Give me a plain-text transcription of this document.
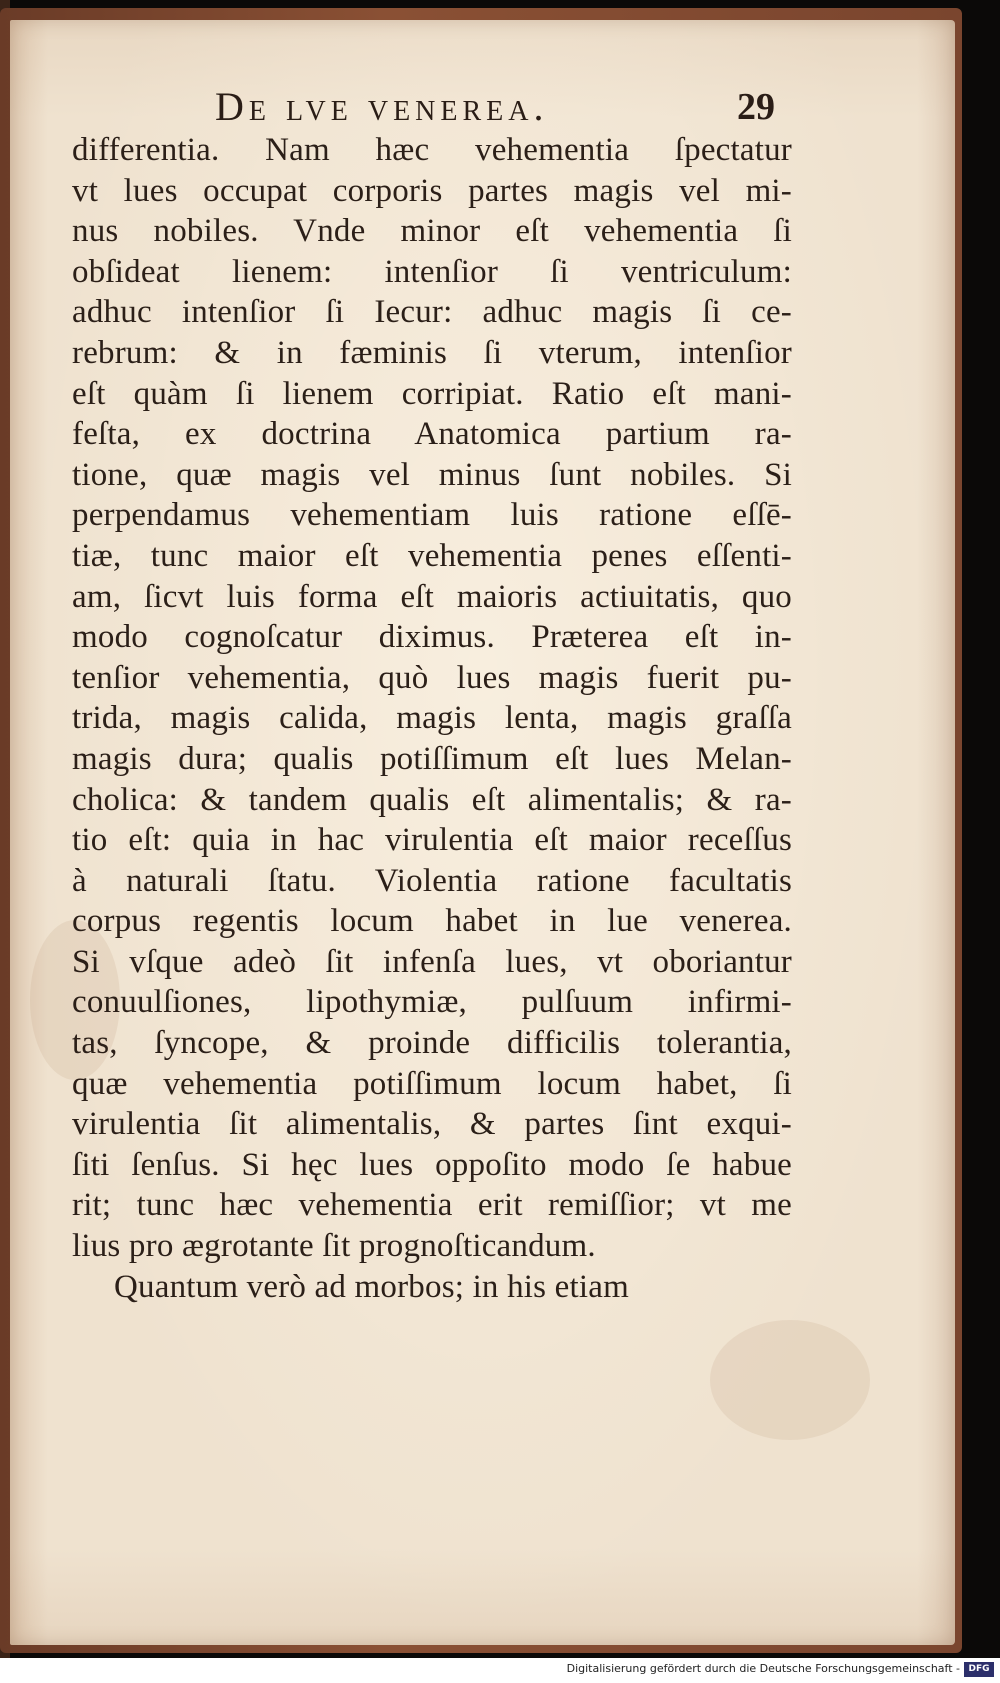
De lve venerea.	29
differentia. Nam hæc vehementia ſpectatur
vt lues occupat corporis partes magis vel mi-
nus nobiles. Vnde minor eſt vehementia ſi
obſideat lienem: intenſior ſi ventriculum:
adhuc intenſior ſi Iecur: adhuc magis ſi ce-
rebrum: & in fæminis ſi vterum, intenſior
eſt quàm ſi lienem corripiat. Ratio eſt mani-
feſta, ex doctrina Anatomica partium ra-
tione, quæ magis vel minus ſunt nobiles. Si
perpendamus vehementiam luis ratione eſſē-
tiæ, tunc maior eſt vehementia penes eſſenti-
am, ſicvt luis forma eſt maioris actiuitatis, quo
modo cognoſcatur diximus. Præterea eſt in-
tenſior vehementia, quò lues magis fuerit pu-
trida, magis calida, magis lenta, magis graſſa
magis dura; qualis potiſſimum eſt lues Melan-
cholica: & tandem qualis eſt alimentalis; & ra-
tio eſt: quia in hac virulentia eſt maior receſſus
à naturali ſtatu. Violentia ratione facultatis
corpus regentis locum habet in lue venerea.
Si vſque adeò ſit infenſa lues, vt oboriantur
conuulſiones, lipothymiæ, pulſuum infirmi-
tas, ſyncope, & proinde difficilis tolerantia,
quæ vehementia potiſſimum locum habet, ſi
virulentia ſit alimentalis, & partes ſint exqui-
ſiti ſenſus. Si hęc lues oppoſito modo ſe habue
rit; tunc hæc vehementia erit remiſſior; vt me
lius pro ægrotante ſit prognoſticandum.
Quantum verò ad morbos; in his etiam
Digitalisierung gefördert durch die Deutsche Forschungsgemeinschaft - DFG
